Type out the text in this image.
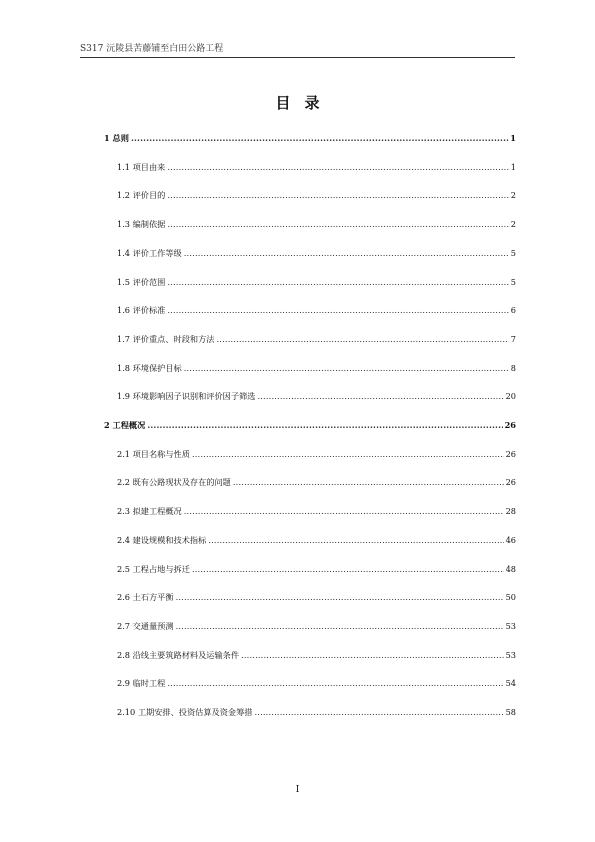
S317 沅陵县苦藤铺至白田公路工程
目录
1 总则 .....	1
1.1 项目由来 .....	1
1.2 评价目的 .....	2
1.3 编制依据 .....	2
1.4 评价工作等级 .....	5
1.5 评价范围 .....	5
1.6 评价标准 .....	6
1.7 评价重点、时段和方法 .....	7
1.8 环境保护目标 .....	8
1.9 环境影响因子识别和评价因子筛选 .....	20
2 工程概况 .....	26
2.1 项目名称与性质 .....	26
2.2 既有公路现状及存在的问题 .....	26
2.3 拟建工程概况 .....	28
2.4 建设规模和技术指标 .....	46
2.5 工程占地与拆迁 .....	48
2.6 土石方平衡 .....	50
2.7 交通量预测 .....	53
2.8 沿线主要筑路材料及运输条件 .....	53
2.9 临时工程 .....	54
2.10 工期安排、投资估算及资金筹措 .....	58
I
